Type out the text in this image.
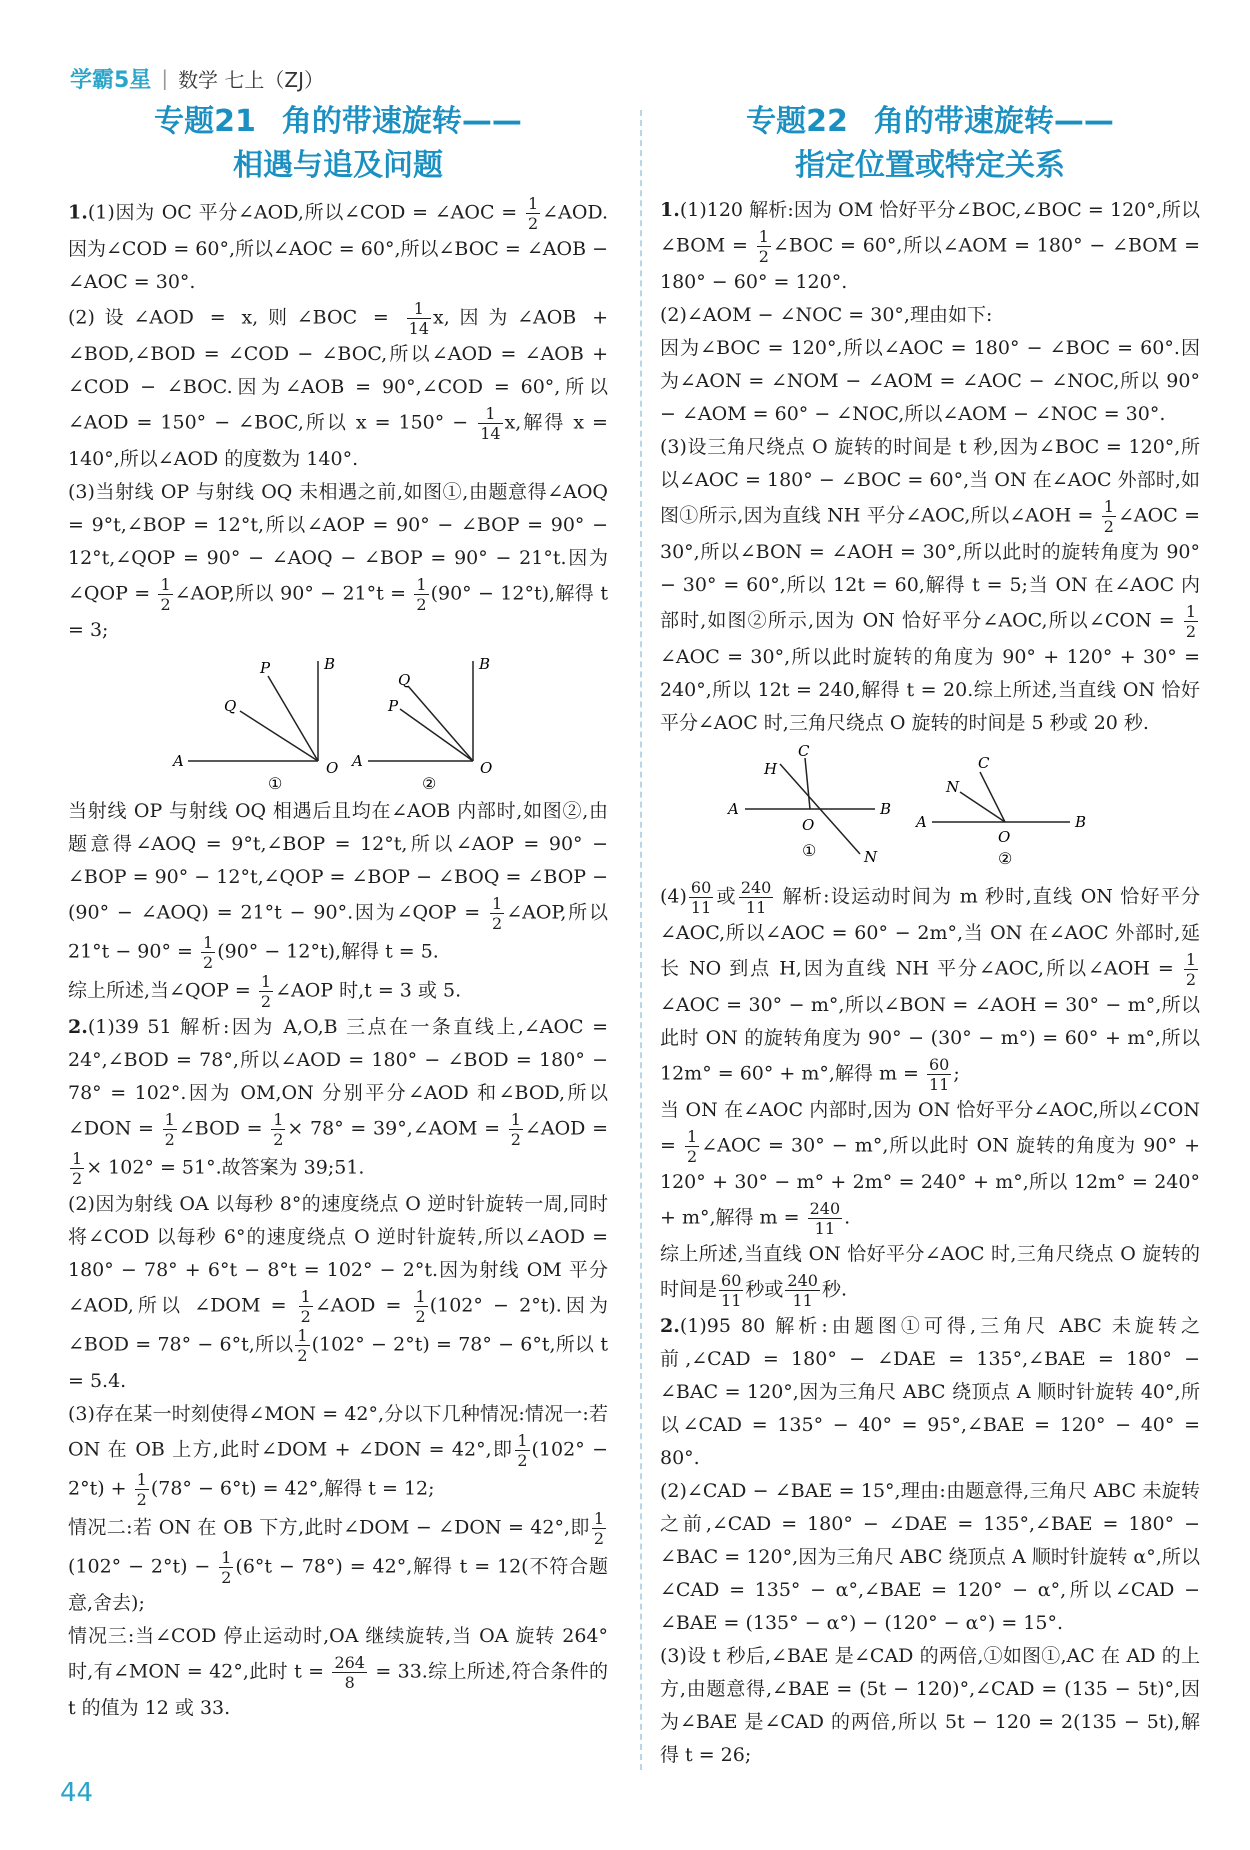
学霸5星 | 数学 七上（ZJ）
专题21 角的带速旋转——
相遇与追及问题

1.(1)因为 OC 平分∠AOD,所以∠COD = ∠AOC = $\frac{1}{2}$ ∠AOD. 因为∠COD = 60°,所以∠AOC = 60°,所以∠BOC = ∠AOB − ∠AOC = 30°.

(2)设∠AOD = x,则∠BOC = $\frac{1}{14} x$,因为∠AOB + ∠BOD,∠BOD = ∠COD − ∠BOC,所以∠AOD = ∠AOB + ∠COD − ∠BOC.因为∠AOB = 90°,∠COD = 60°,所以∠AOD = 150° − ∠BOC,所以 $x = 150^\circ - \frac{1}{14} x$,解得 x = 140°,所以∠AOD 的度数为 140°.

(3)当射线 OP 与射线 OQ 未相遇之前,如图①,由题意得∠AOQ = 9°t,∠BOP = 12°t,所以∠AOP = 90° − ∠BOP = 90° − 12°t,∠QOP = 90° − ∠AOQ − ∠BOP = 90° − 21°t.因为∠QOP = $\frac{1}{2}$ ∠AOP,所以 $90^\circ - 21^\circ t = \frac{1}{2} (90^\circ - 12^\circ t)$,解得 t = 3;

A	O
B
P
Q
①
A	O
B
Q
P
②

当射线 OP 与射线 OQ 相遇后且均在∠AOB 内部时,如图②,由题意得∠AOQ = 9°t,∠BOP = 12°t,所以∠AOP = 90° − ∠BOP = 90° − 12°t,∠QOP = ∠BOP − ∠BOQ = ∠BOP − (90° − ∠AOQ) = 21°t − 90°.因为∠QOP = $\frac{1}{2}$ ∠AOP,所以 $21^\circ t - 90^\circ = \frac{1}{2} (90^\circ - 12^\circ t)$,解得 t = 5.

综上所述,当∠QOP = $\frac{1}{2}$ ∠AOP 时,t = 3 或 5.

2.(1)39 51 解析:因为 A,O,B 三点在一条直线上,∠AOC = 24°,∠BOD = 78°,所以∠AOD = 180° − ∠BOD = 180° − 78° = 102°.因为 OM,ON 分别平分∠AOD 和∠BOD,所以∠DON = $\frac{1}{2}$ ∠BOD = $\frac{1}{2} \times 78^\circ$ = 39°,∠AOM = $\frac{1}{2}$ ∠AOD =
$\frac{1}{2} \times 102^\circ = 51^\circ$.故答案为 39;51.

(2)因为射线 OA 以每秒 8°的速度绕点 O 逆时针旋转一周,同时将∠COD 以每秒 6°的速度绕点 O 逆时针旋转,所以∠AOD = 180° − 78° + 6°t − 8°t = 102° − 2°t.因为射线 OM 平分∠AOD,所以 ∠DOM = $\frac{1}{2}$ ∠AOD = $\frac{1}{2} (102^\circ - 2^\circ t)$.因为∠BOD = 78° − 6°t,所以 $\frac{1}{2} (102^\circ - 2^\circ t) = 78^\circ - 6^\circ t$,所以 t = 5.4.

(3)存在某一时刻使得∠MON = 42°,分以下几种情况:情况一:若 ON 在 OB 上方,此时∠DOM + ∠DON = 42°,即 $\frac{1}{2} (102^\circ - 2^\circ t) + \frac{1}{2} (78^\circ - 6^\circ t) = 42^\circ$,解得 t = 12;

情况二:若 ON 在 OB 下方,此时∠DOM − ∠DON = 42°,即 $\frac{1}{2}$
$(102^\circ - 2^\circ t) - \frac{1}{2} (6^\circ t - 78^\circ) = 42^\circ$,解得 t = 12(不符合题意,舍去);

情况三:当∠COD 停止运动时,OA 继续旋转,当 OA 旋转 264°时,有∠MON = 42°,此时 $t = \frac{264}{8} = 33$.综上所述,符合条件的 t 的值为 12 或 33.

专题22 角的带速旋转——
指定位置或特定关系

1.(1)120 解析:因为 OM 恰好平分∠BOC,∠BOC = 120°,所以∠BOM = $\frac{1}{2}$ ∠BOC = 60°,所以∠AOM = 180° − ∠BOM = 180° − 60° = 120°.

(2)∠AOM − ∠NOC = 30°,理由如下:
因为∠BOC = 120°,所以∠AOC = 180° − ∠BOC = 60°.因为∠AON = ∠NOM − ∠AOM = ∠AOC − ∠NOC,所以 90° − ∠AOM = 60° − ∠NOC,所以∠AOM − ∠NOC = 30°.

(3)设三角尺绕点 O 旋转的时间是 t 秒,因为∠BOC = 120°,所以∠AOC = 180° − ∠BOC = 60°,当 ON 在∠AOC 外部时,如图①所示,因为直线 NH 平分∠AOC,所以∠AOH = $\frac{1}{2}$ ∠AOC = 30°,所以∠BON = ∠AOH = 30°,所以此时的旋转角度为 90° − 30° = 60°,所以 12t = 60,解得 t = 5;当 ON 在∠AOC 内部时,如图②所示,因为 ON 恰好平分∠AOC,所以∠CON = $\frac{1}{2}$
∠AOC = 30°,所以此时旋转的角度为 90° + 120° + 30° = 240°,所以 12t = 240,解得 t = 20.综上所述,当直线 ON 恰好平分∠AOC 时,三角尺绕点 O 旋转的时间是 5 秒或 20 秒.

A	B
O
C
H
N
①
A	B
O
C
N
②

$(4) \frac{60}{11}$ 或 $\frac{240}{11}$ 解析:设运动时间为 m 秒时,直线 ON 恰好平分∠AOC,所以∠AOC = 60° − 2m°,当 ON 在∠AOC 外部时,延长 NO 到点 H,因为直线 NH 平分∠AOC,所以∠AOH = $\frac{1}{2}$
∠AOC = 30° − m°,所以∠BON = ∠AOH = 30° − m°,所以此时 ON 的旋转角度为 90° − (30° − m°) = 60° + m°,所以 12m° = 60° + m°,解得 $m = \frac{60}{11}$ ;

当 ON 在∠AOC 内部时,因为 ON 恰好平分∠AOC,所以∠CON = $\frac{1}{2}$ ∠AOC = 30° − m°,所以此时 ON 旋转的角度为 90° + 120° + 30° − m° + 2m° = 240° + m°,所以 12m° = 240° + m°,解得 $m = \frac{240}{11}$ .

综上所述,当直线 ON 恰好平分∠AOC 时,三角尺绕点 O 旋转的时间是 $\frac{60}{11}$ 秒或 $\frac{240}{11}$ 秒.

2.(1)95 80 解析:由题图①可得,三角尺 ABC 未旋转之前,∠CAD = 180° − ∠DAE = 135°,∠BAE = 180° − ∠BAC = 120°,因为三角尺 ABC 绕顶点 A 顺时针旋转 40°,所以∠CAD = 135° − 40° = 95°,∠BAE = 120° − 40° = 80°.

(2)∠CAD − ∠BAE = 15°,理由:由题意得,三角尺 ABC 未旋转之前,∠CAD = 180° − ∠DAE = 135°,∠BAE = 180° − ∠BAC = 120°,因为三角尺 ABC 绕顶点 A 顺时针旋转 α°,所以∠CAD = 135° − α°,∠BAE = 120° − α°,所以∠CAD − ∠BAE = (135° − α°) − (120° − α°) = 15°.

(3)设 t 秒后,∠BAE 是∠CAD 的两倍,①如图①,AC 在 AD 的上方,由题意得,∠BAE = (5t − 120)°,∠CAD = (135 − 5t)°,因为∠BAE 是∠CAD 的两倍,所以 5t − 120 = 2(135 − 5t),解得 t = 26;

44
